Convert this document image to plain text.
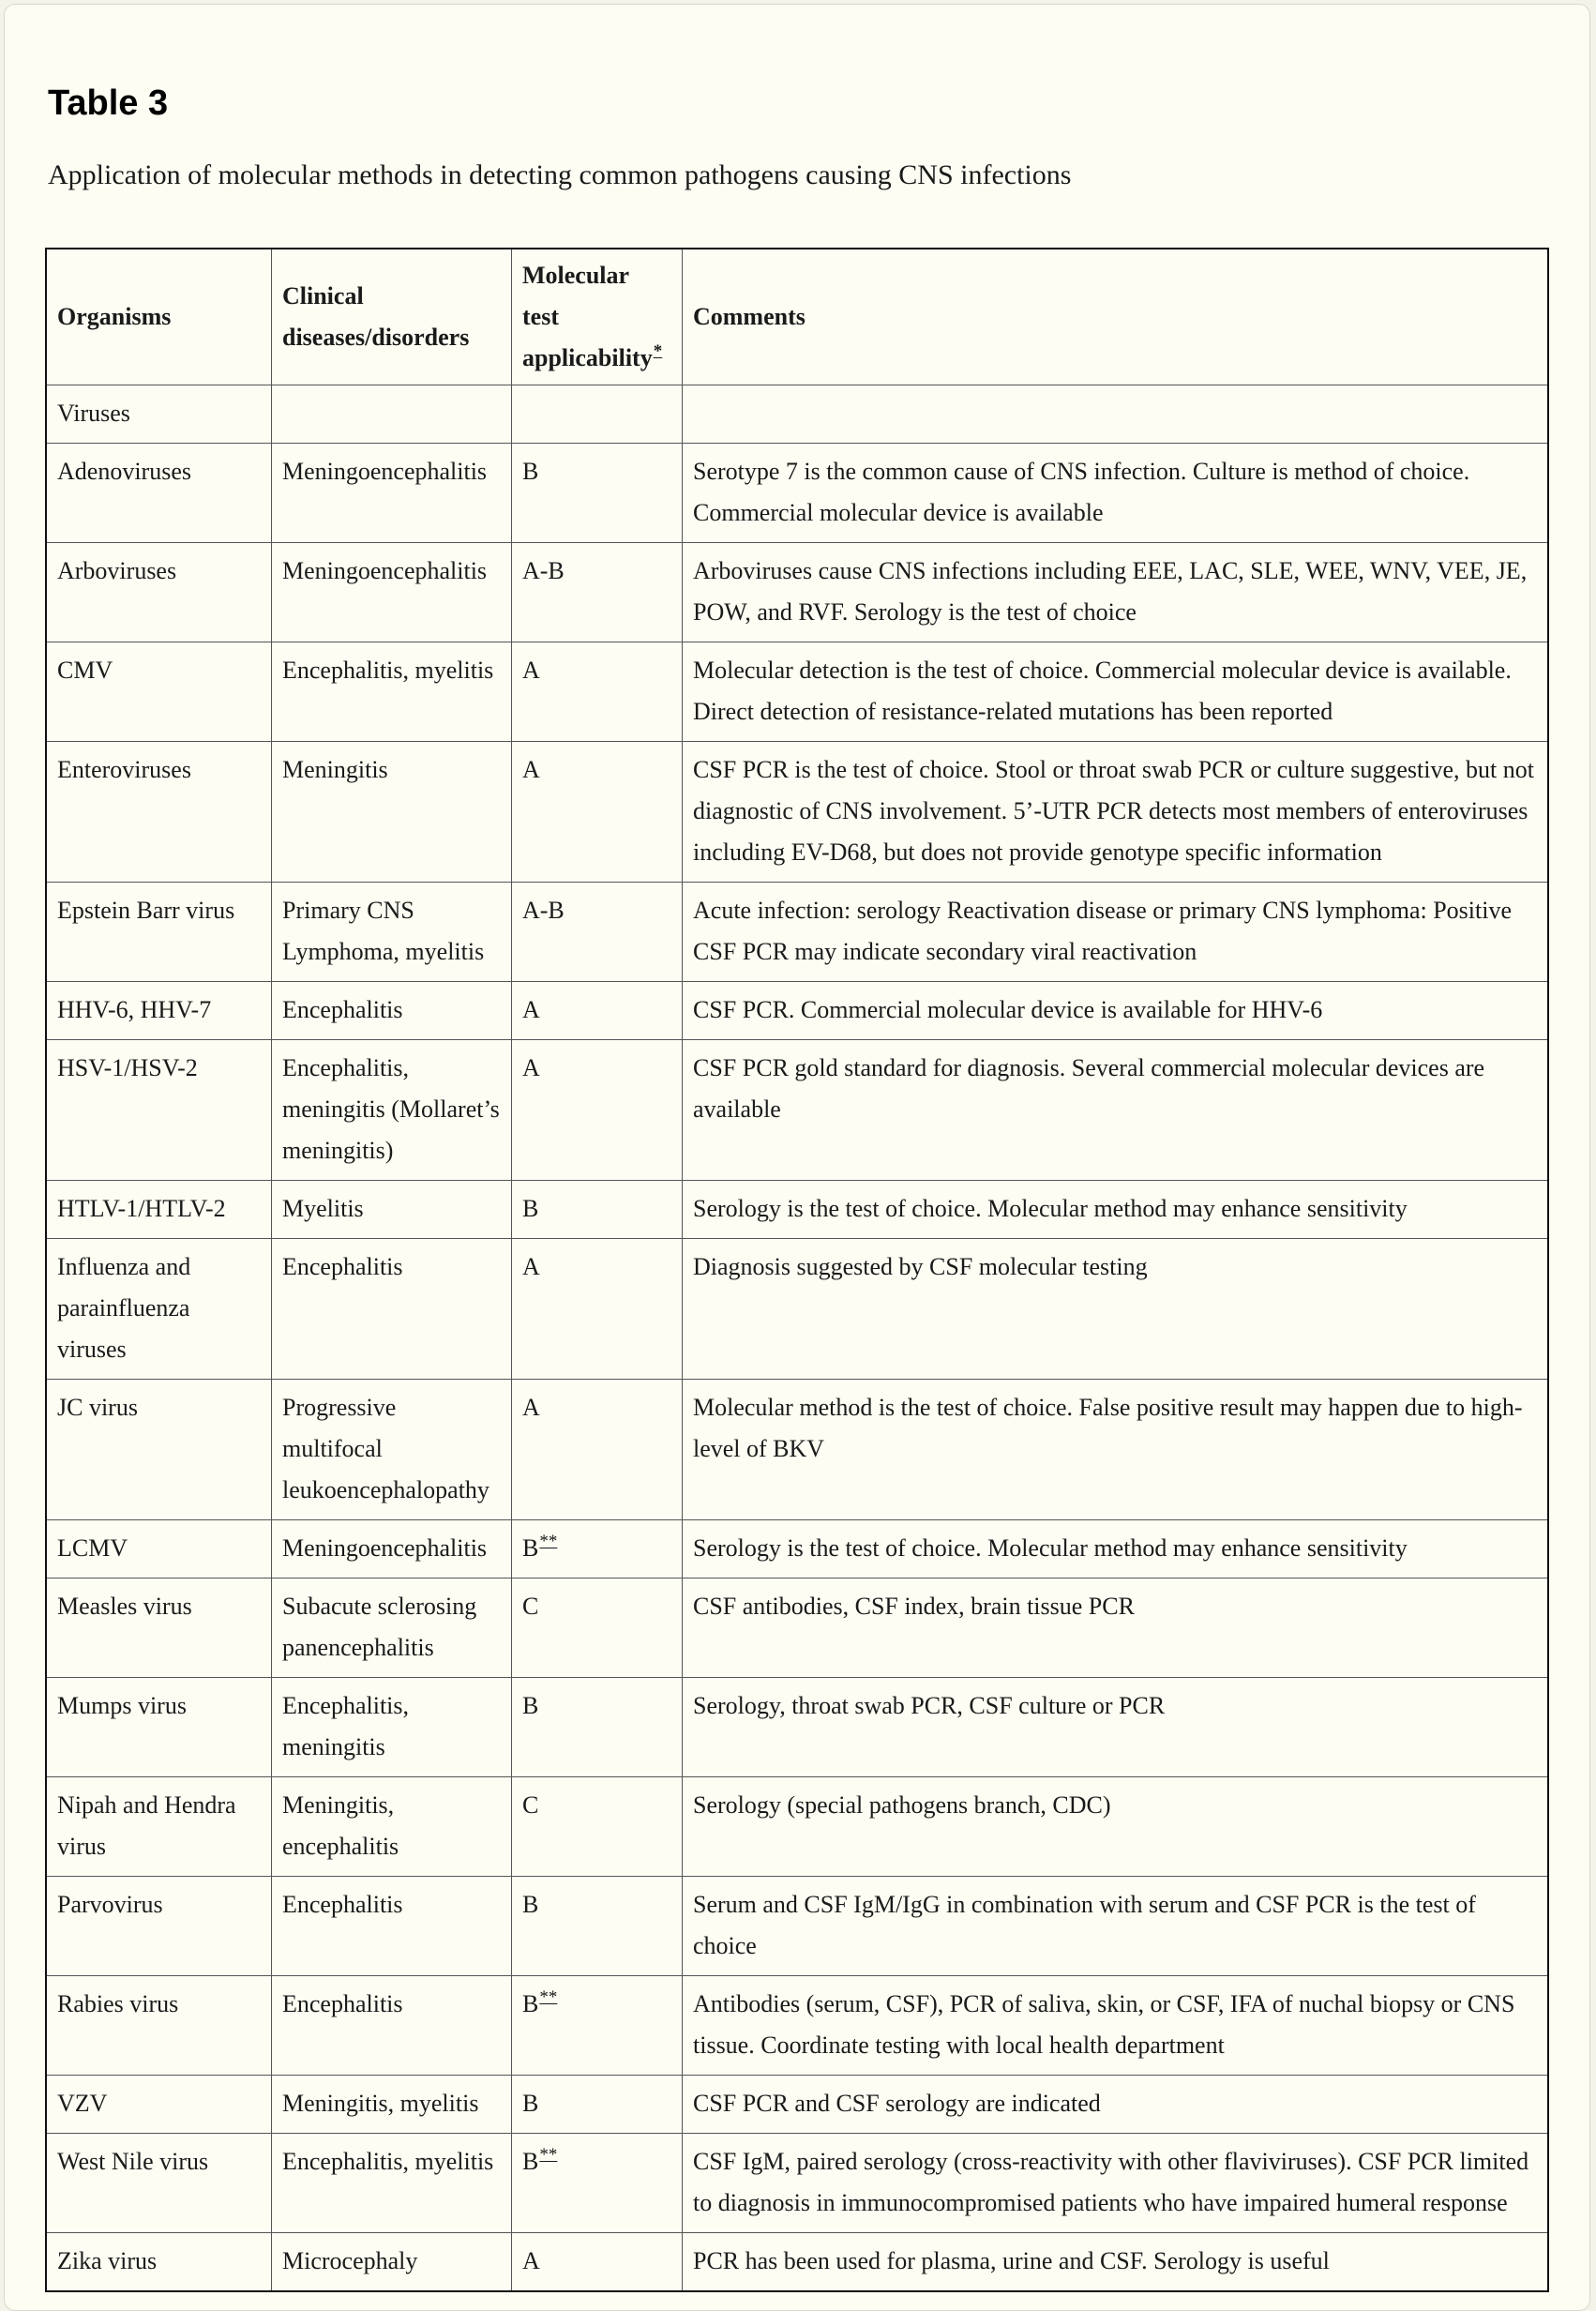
Table 3

Application of molecular methods in detecting common pathogens causing CNS infections

Organisms	Clinical diseases/disorders	Molecular test applicability*	Comments
Viruses			
Adenoviruses	Meningoencephalitis	B	Serotype 7 is the common cause of CNS infection. Culture is method of choice. Commercial molecular device is available
Arboviruses	Meningoencephalitis	A-B	Arboviruses cause CNS infections including EEE, LAC, SLE, WEE, WNV, VEE, JE, POW, and RVF. Serology is the test of choice
CMV	Encephalitis, myelitis	A	Molecular detection is the test of choice. Commercial molecular device is available. Direct detection of resistance-related mutations has been reported
Enteroviruses	Meningitis	A	CSF PCR is the test of choice. Stool or throat swab PCR or culture suggestive, but not diagnostic of CNS involvement. 5’-UTR PCR detects most members of enteroviruses including EV-D68, but does not provide genotype specific information
Epstein Barr virus	Primary CNS Lymphoma, myelitis	A-B	Acute infection: serology Reactivation disease or primary CNS lymphoma: Positive CSF PCR may indicate secondary viral reactivation
HHV-6, HHV-7	Encephalitis	A	CSF PCR. Commercial molecular device is available for HHV-6
HSV-1/HSV-2	Encephalitis, meningitis (Mollaret’s meningitis)	A	CSF PCR gold standard for diagnosis. Several commercial molecular devices are available
HTLV-1/HTLV-2	Myelitis	B	Serology is the test of choice. Molecular method may enhance sensitivity
Influenza and parainfluenza viruses	Encephalitis	A	Diagnosis suggested by CSF molecular testing
JC virus	Progressive multifocal leukoencephalopathy	A	Molecular method is the test of choice. False positive result may happen due to high-level of BKV
LCMV	Meningoencephalitis	B**	Serology is the test of choice. Molecular method may enhance sensitivity
Measles virus	Subacute sclerosing panencephalitis	C	CSF antibodies, CSF index, brain tissue PCR
Mumps virus	Encephalitis, meningitis	B	Serology, throat swab PCR, CSF culture or PCR
Nipah and Hendra virus	Meningitis, encephalitis	C	Serology (special pathogens branch, CDC)
Parvovirus	Encephalitis	B	Serum and CSF IgM/IgG in combination with serum and CSF PCR is the test of choice
Rabies virus	Encephalitis	B**	Antibodies (serum, CSF), PCR of saliva, skin, or CSF, IFA of nuchal biopsy or CNS tissue. Coordinate testing with local health department
VZV	Meningitis, myelitis	B	CSF PCR and CSF serology are indicated
West Nile virus	Encephalitis, myelitis	B**	CSF IgM, paired serology (cross-reactivity with other flaviviruses). CSF PCR limited to diagnosis in immunocompromised patients who have impaired humeral response
Zika virus	Microcephaly	A	PCR has been used for plasma, urine and CSF. Serology is useful
